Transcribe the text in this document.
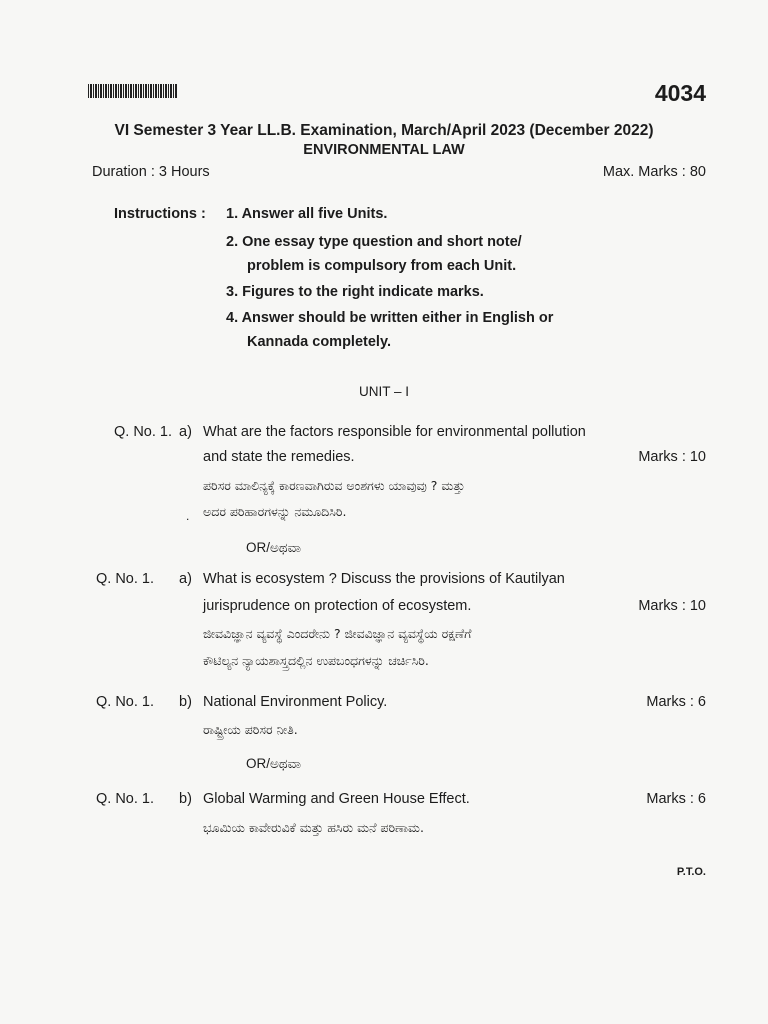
4034
VI Semester 3 Year LL.B. Examination, March/April 2023 (December 2022)
ENVIRONMENTAL LAW
Duration : 3 Hours	Max. Marks : 80
Instructions : 1. Answer all five Units.
2. One essay type question and short note/
problem is compulsory from each Unit.
3. Figures to the right indicate marks.
4. Answer should be written either in English or
Kannada completely.
UNIT – I
Q. No. 1. a) What are the factors responsible for environmental pollution
and state the remedies.	Marks : 10
ಪರಿಸರ ಮಾಲಿನ್ಯಕ್ಕೆ ಕಾರಣವಾಗಿರುವ ಅಂಶಗಳು ಯಾವುವು ? ಮತ್ತು
ಅದರ ಪರಿಹಾರಗಳನ್ನು ನಮೂದಿಸಿರಿ.
.
OR/ಅಥವಾ
Q. No. 1. a) What is ecosystem ? Discuss the provisions of Kautilyan
jurisprudence on protection of ecosystem.	Marks : 10
ಜೀವವಿಜ್ಞಾನ ವ್ಯವಸ್ಥೆ ಎಂದರೇನು ? ಜೀವವಿಜ್ಞಾನ ವ್ಯವಸ್ಥೆಯ ರಕ್ಷಣೆಗೆ
ಕೌಟಿಲ್ಯನ ನ್ಯಾಯಶಾಸ್ತ್ರದಲ್ಲಿನ ಉಪಬಂಧಗಳನ್ನು ಚರ್ಚಿಸಿರಿ.
Q. No. 1. b) National Environment Policy.	Marks : 6
ರಾಷ್ಟ್ರೀಯ ಪರಿಸರ ನೀತಿ.
OR/ಅಥವಾ
Q. No. 1. b) Global Warming and Green House Effect.	Marks : 6
ಭೂಮಿಯ ಕಾವೇರುವಿಕೆ ಮತ್ತು ಹಸಿರು ಮನೆ ಪರಿಣಾಮ.
P.T.O.
